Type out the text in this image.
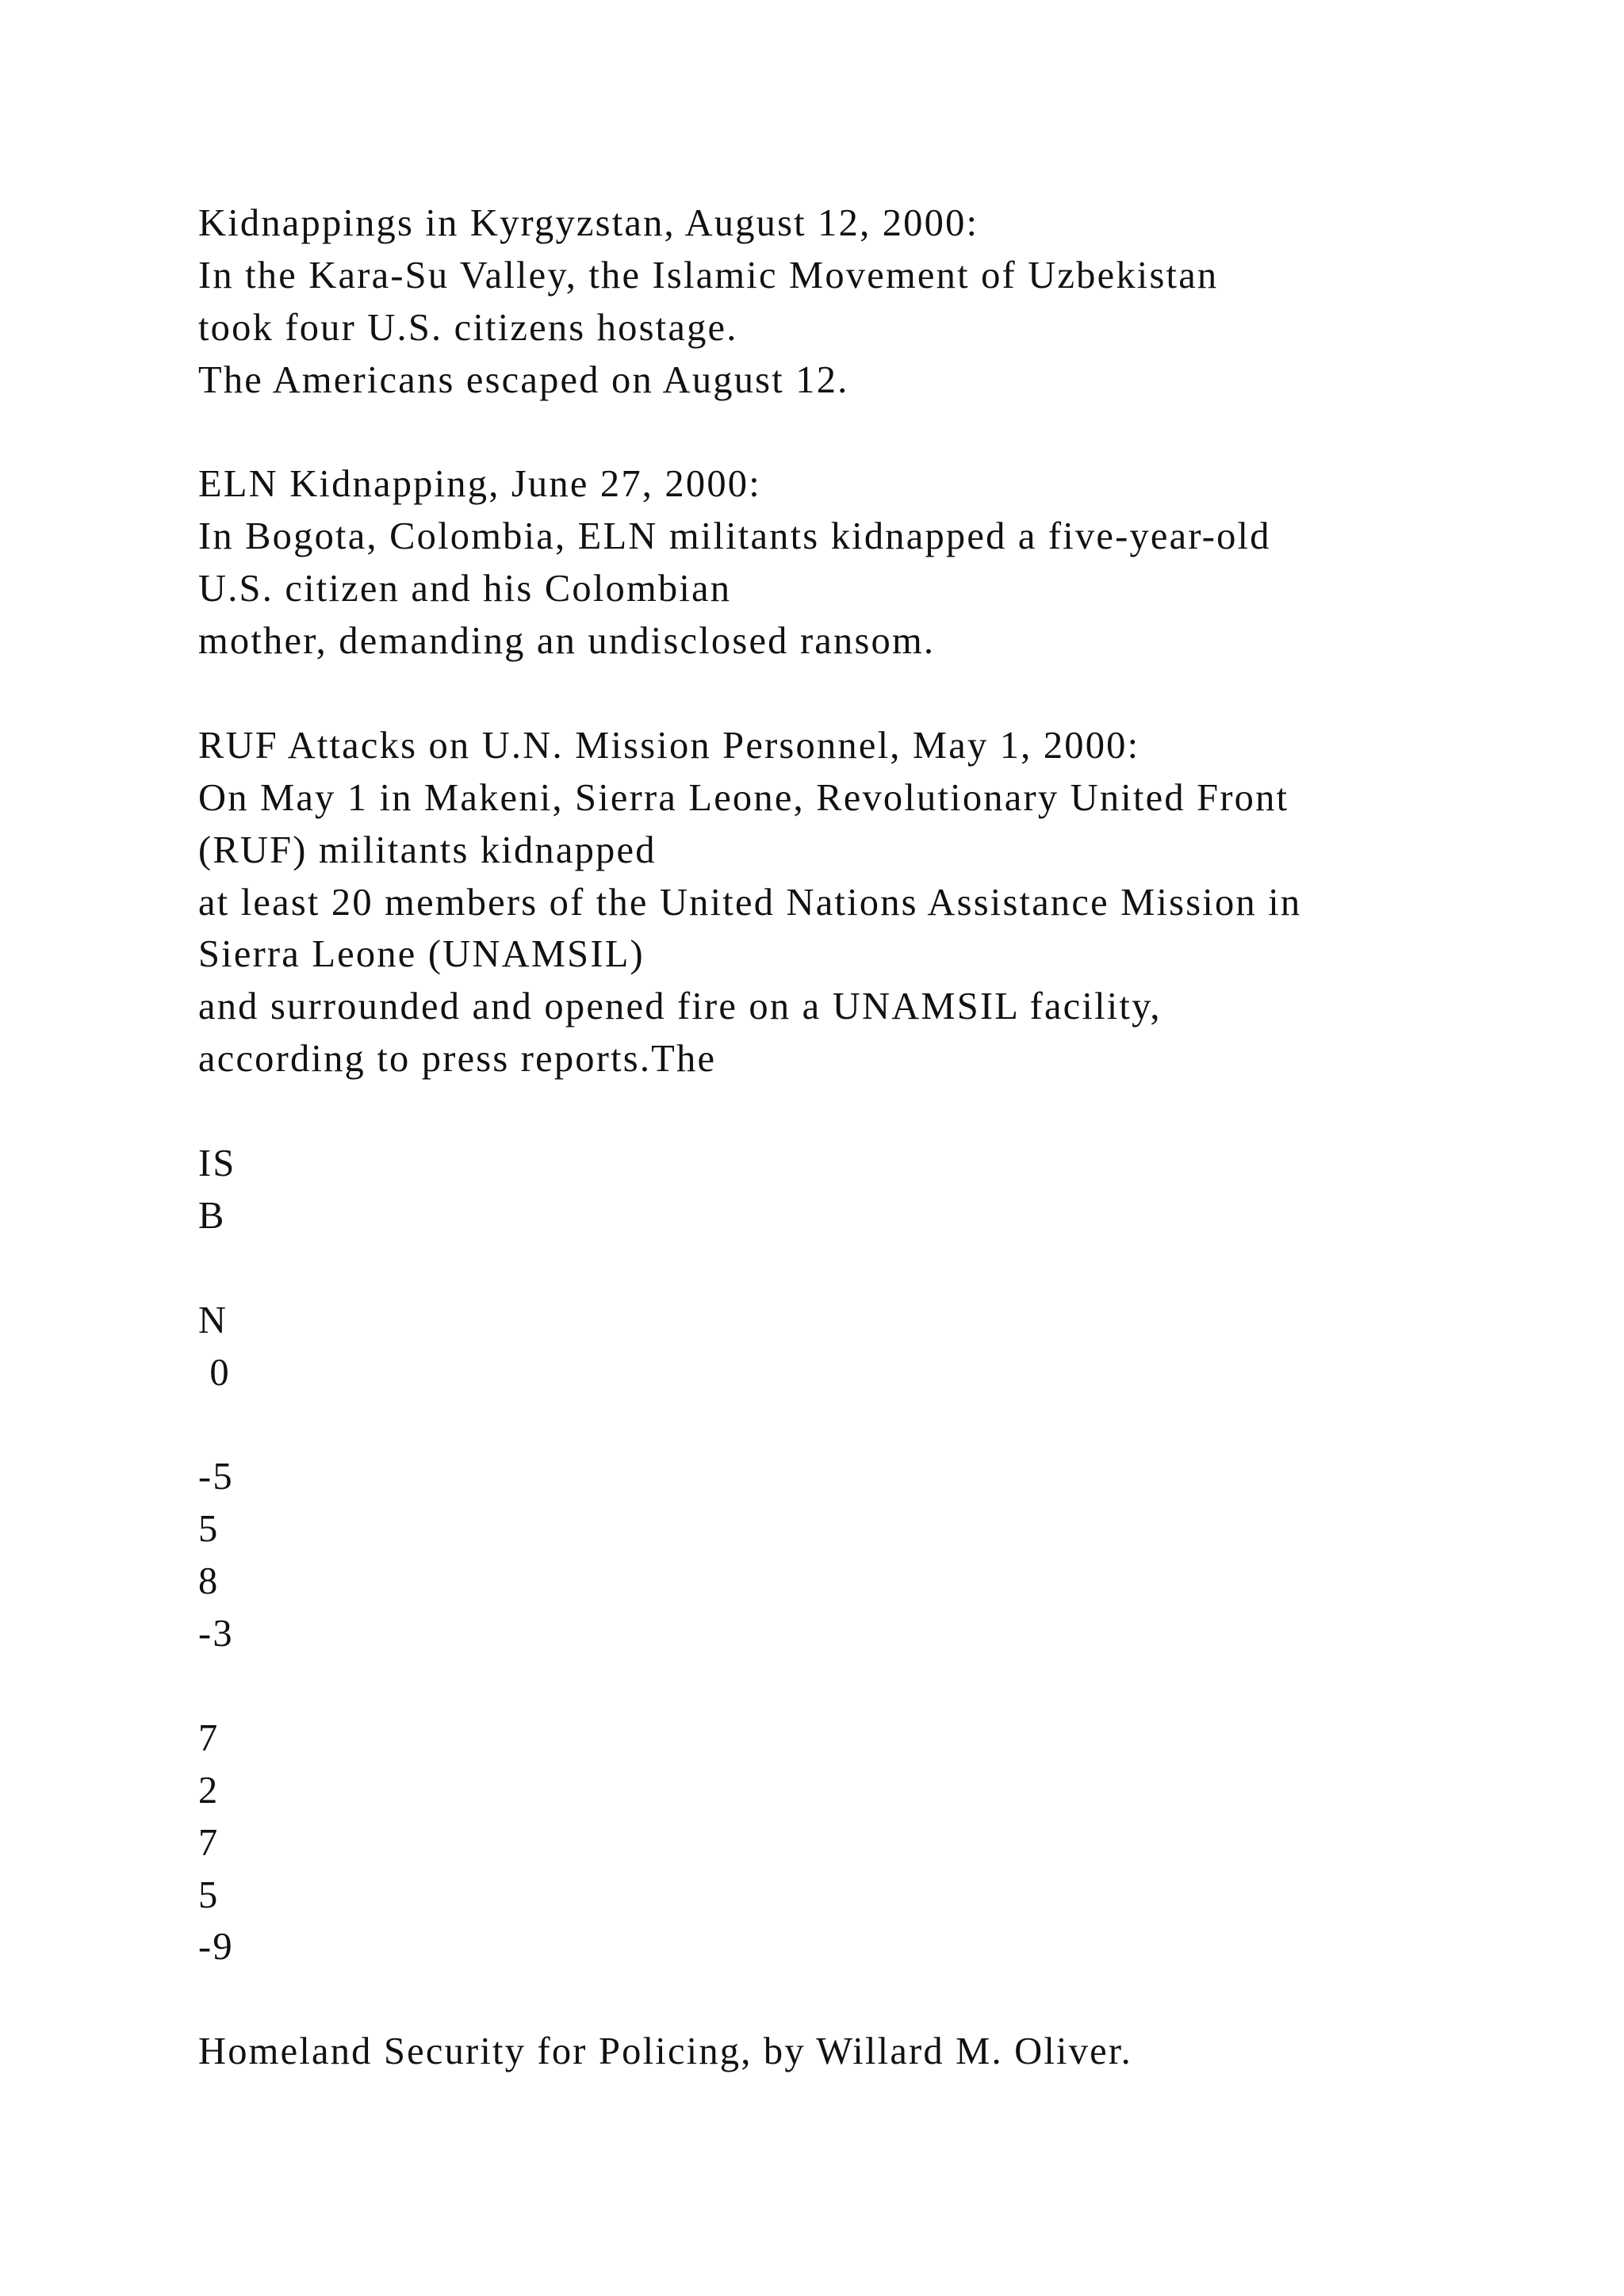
Kidnappings in Kyrgyzstan, August 12, 2000:
In the Kara-Su Valley, the Islamic Movement of Uzbekistan
took four U.S. citizens hostage.
The Americans escaped on August 12.
ELN Kidnapping, June 27, 2000:
In Bogota, Colombia, ELN militants kidnapped a five-year-old
U.S. citizen and his Colombian
mother, demanding an undisclosed ransom.
RUF Attacks on U.N. Mission Personnel, May 1, 2000:
On May 1 in Makeni, Sierra Leone, Revolutionary United Front
(RUF) militants kidnapped
at least 20 members of the United Nations Assistance Mission in
Sierra Leone (UNAMSIL)
and surrounded and opened fire on a UNAMSIL facility,
according to press reports.The
IS
B
N
0
-5
5
8
-3
7
2
7
5
-9
Homeland Security for Policing, by Willard M. Oliver.
